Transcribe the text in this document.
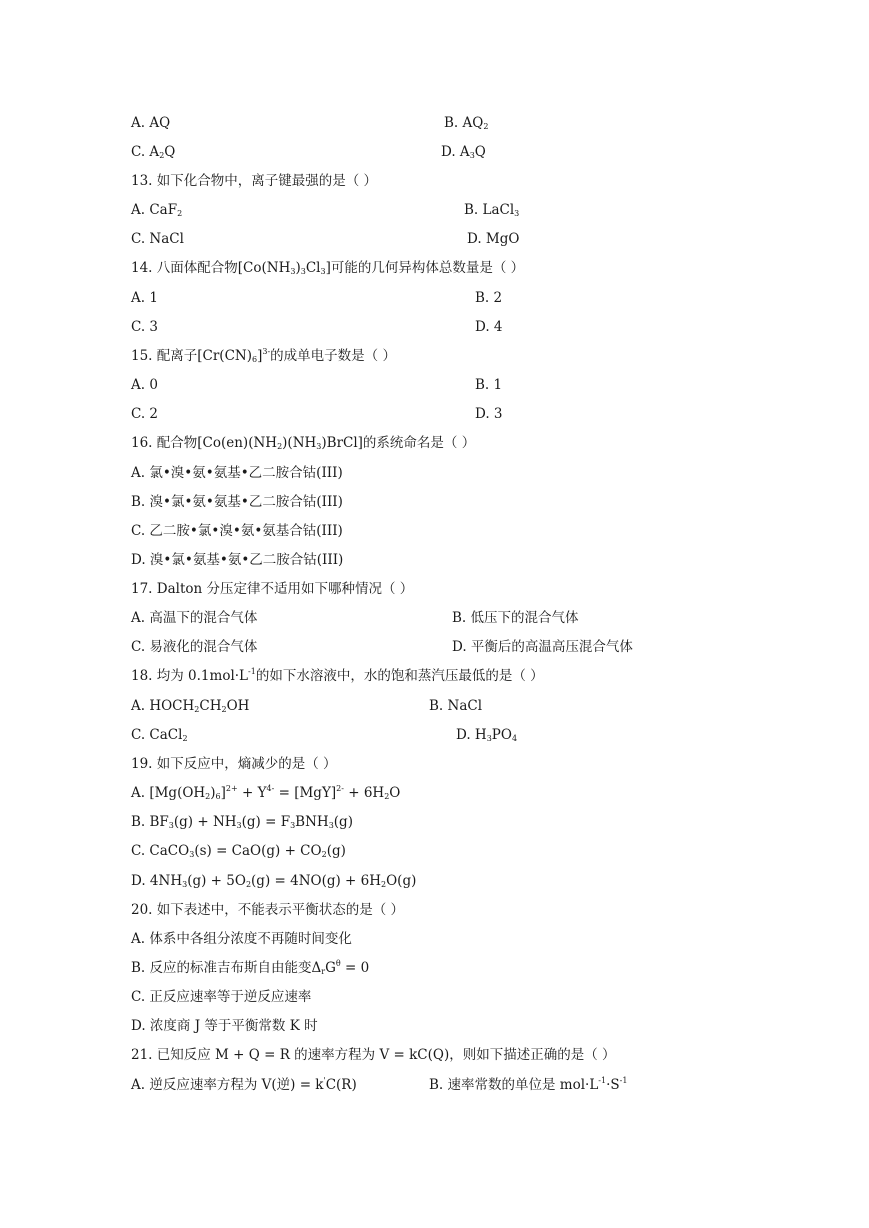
A. AQ	B. $AQ_2$
C. $A_2Q$	D. $A_3Q$
13. 如下化合物中，离子键最强的是（ ）
A. CaF$_2$	B. LaCl$_3$
C. NaCl	D. MgO
14. 八面体配合物$[Co(NH_3)_3Cl_3]$可能的几何异构体总数量是（ ）
A. 1	B. 2
C. 3	D. 4
15. 配离子$[Cr(CN)_6]^{3-}$的成单电子数是（ ）
A. 0	B. 1
C. 2	D. 3
16. 配合物$[Co(en)(NH_2)(NH_3)BrCl]$的系统命名是（ ）
A. 氯•溴•氨•氨基•乙二胺合钴(III)
B. 溴•氯•氨•氨基•乙二胺合钴(III)
C. 乙二胺•氯•溴•氨•氨基合钴(III)
D. 溴•氯•氨基•氨•乙二胺合钴(III)
17. Dalton 分压定律不适用如下哪种情况（ ）
A. 高温下的混合气体	B. 低压下的混合气体
C. 易液化的混合气体	D. 平衡后的高温高压混合气体
18. 均为 $0.1mol\cdot L^{-1}$的如下水溶液中，水的饱和蒸汽压最低的是（ ）
A. $HOCH_2CH_2OH$	B. NaCl
C. CaCl$_2$	D. $H_3PO_4$
19. 如下反应中，熵减少的是（ ）
A. $[Mg(OH_2)_6]^{2+} + Y^{4-} = [MgY]^{2-} + 6H_2O$
B. $BF_3(g) + NH_3(g) = F_3BNH_3(g)$
C. CaCO$_3$(s) = $CaO(g) + CO_2(g)$
D. $4NH_3(g) + 5O_2(g) = 4NO(g) + 6H_2O(g)$
20. 如下表述中，不能表示平衡状态的是（ ）
A. 体系中各组分浓度不再随时间变化
B. 反应的标准吉布斯自由能变$\Delta_rG^\theta = 0$
C. 正反应速率等于逆反应速率
D. 浓度商 J 等于平衡常数 K 时
21. 已知反应 M + Q = R 的速率方程为 V = kC(Q)，则如下描述正确的是（ ）
A. 逆反应速率方程为 V(逆) = k'C(R)	B. 速率常数的单位是 $mol\cdot L^{-1}\cdot S^{-1}$
